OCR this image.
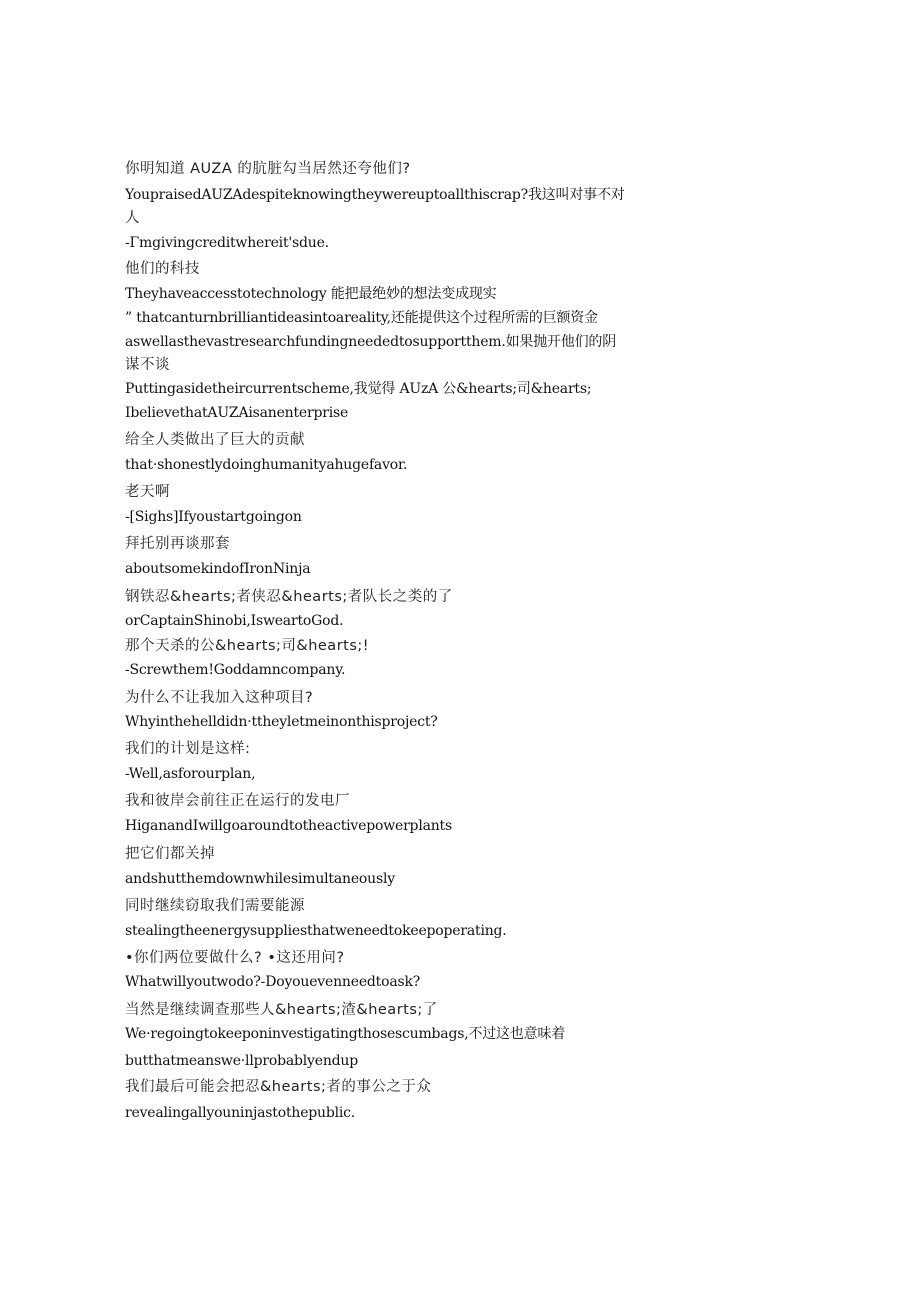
你明知道 AUZA 的肮脏勾当居然还夸他们?
YoupraisedAUZAdespiteknowingtheywereuptoallthiscrap?我这叫对事不对
人
-Γmgivingcreditwhereit'sdue.
他们的科技
Theyhaveaccesstotechnology 能把最绝妙的想法变成现实
” thatcanturnbrilliantideasintoareality,还能提供这个过程所需的巨额资金
aswellasthevastresearchfundingneededtosupportthem.如果抛开他们的阴
谋不谈
Puttingasidetheircurrentscheme,我觉得 AUzA 公&hearts;司&hearts;
IbelievethatAUZAisanenterprise
给全人类做出了巨大的贡献
that·shonestlydoinghumanityahugefavor.
老天啊
-[Sighs]Ifyoustartgoingon
拜托别再谈那套
aboutsomekindofIronNinja
钢铁忍&hearts;者侠忍&hearts;者队长之类的了
orCaptainShinobi,IsweartoGod.
那个天杀的公&hearts;司&hearts;!
-Screwthem!Goddamncompany.
为什么不让我加入这种项目?
Whyinthehelldidn·ttheyletmeinonthisproject?
我们的计划是这样:
-Well,asforourplan,
我和彼岸会前往正在运行的发电厂
HiganandIwillgoaroundtotheactivepowerplants
把它们都关掉
andshutthemdownwhilesimultaneously
同时继续窃取我们需要能源
stealingtheenergysuppliesthatweneedtokeepoperating.
•你们两位要做什么? •这还用问?
Whatwillyoutwodo?-Doyouevenneedtoask?
当然是继续调查那些人&hearts;渣&hearts;了
We·regoingtokeeponinvestigatingthosescumbags,不过这也意味着
butthatmeanswe·llprobablyendup
我们最后可能会把忍&hearts;者的事公之于众
revealingallyouninjastothepublic.
